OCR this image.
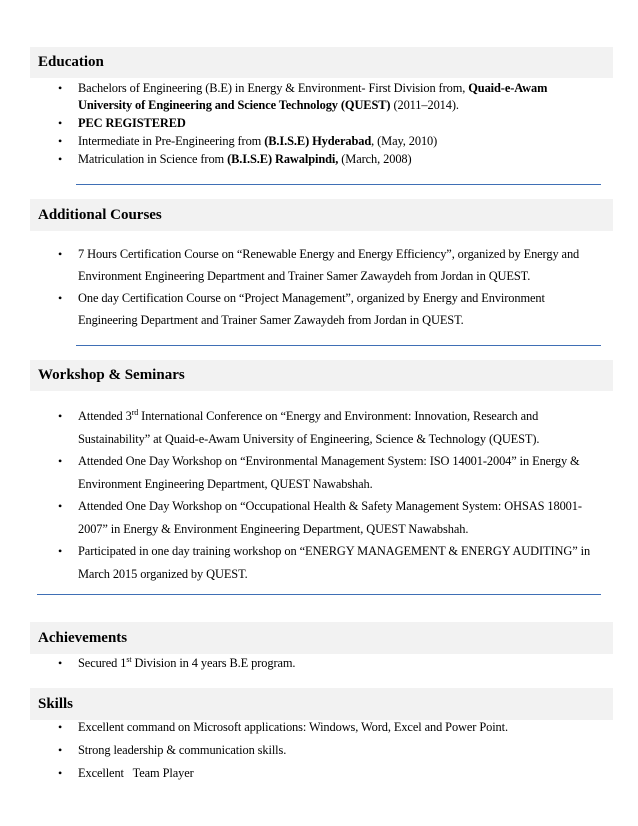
Education
• Bachelors of Engineering (B.E) in Energy & Environment- First Division from, Quaid-e-Awam University of Engineering and Science Technology (QUEST) (2011–2014).
• PEC REGISTERED
• Intermediate in Pre-Engineering from (B.I.S.E) Hyderabad, (May, 2010)
• Matriculation in Science from (B.I.S.E) Rawalpindi, (March, 2008)
Additional Courses
• 7 Hours Certification Course on “Renewable Energy and Energy Efficiency”, organized by Energy and Environment Engineering Department and Trainer Samer Zawaydeh from Jordan in QUEST.
• One day Certification Course on “Project Management”, organized by Energy and Environment Engineering Department and Trainer Samer Zawaydeh from Jordan in QUEST.
Workshop & Seminars
• Attended 3rd International Conference on “Energy and Environment: Innovation, Research and Sustainability” at Quaid-e-Awam University of Engineering, Science & Technology (QUEST).
• Attended One Day Workshop on “Environmental Management System: ISO 14001-2004” in Energy & Environment Engineering Department, QUEST Nawabshah.
• Attended One Day Workshop on “Occupational Health & Safety Management System: OHSAS 18001-2007” in Energy & Environment Engineering Department, QUEST Nawabshah.
• Participated in one day training workshop on “ENERGY MANAGEMENT & ENERGY AUDITING” in March 2015 organized by QUEST.
Achievements
• Secured 1st Division in 4 years B.E program.
Skills
• Excellent command on Microsoft applications: Windows, Word, Excel and Power Point.
• Strong leadership & communication skills.
• Excellent   Team Player
